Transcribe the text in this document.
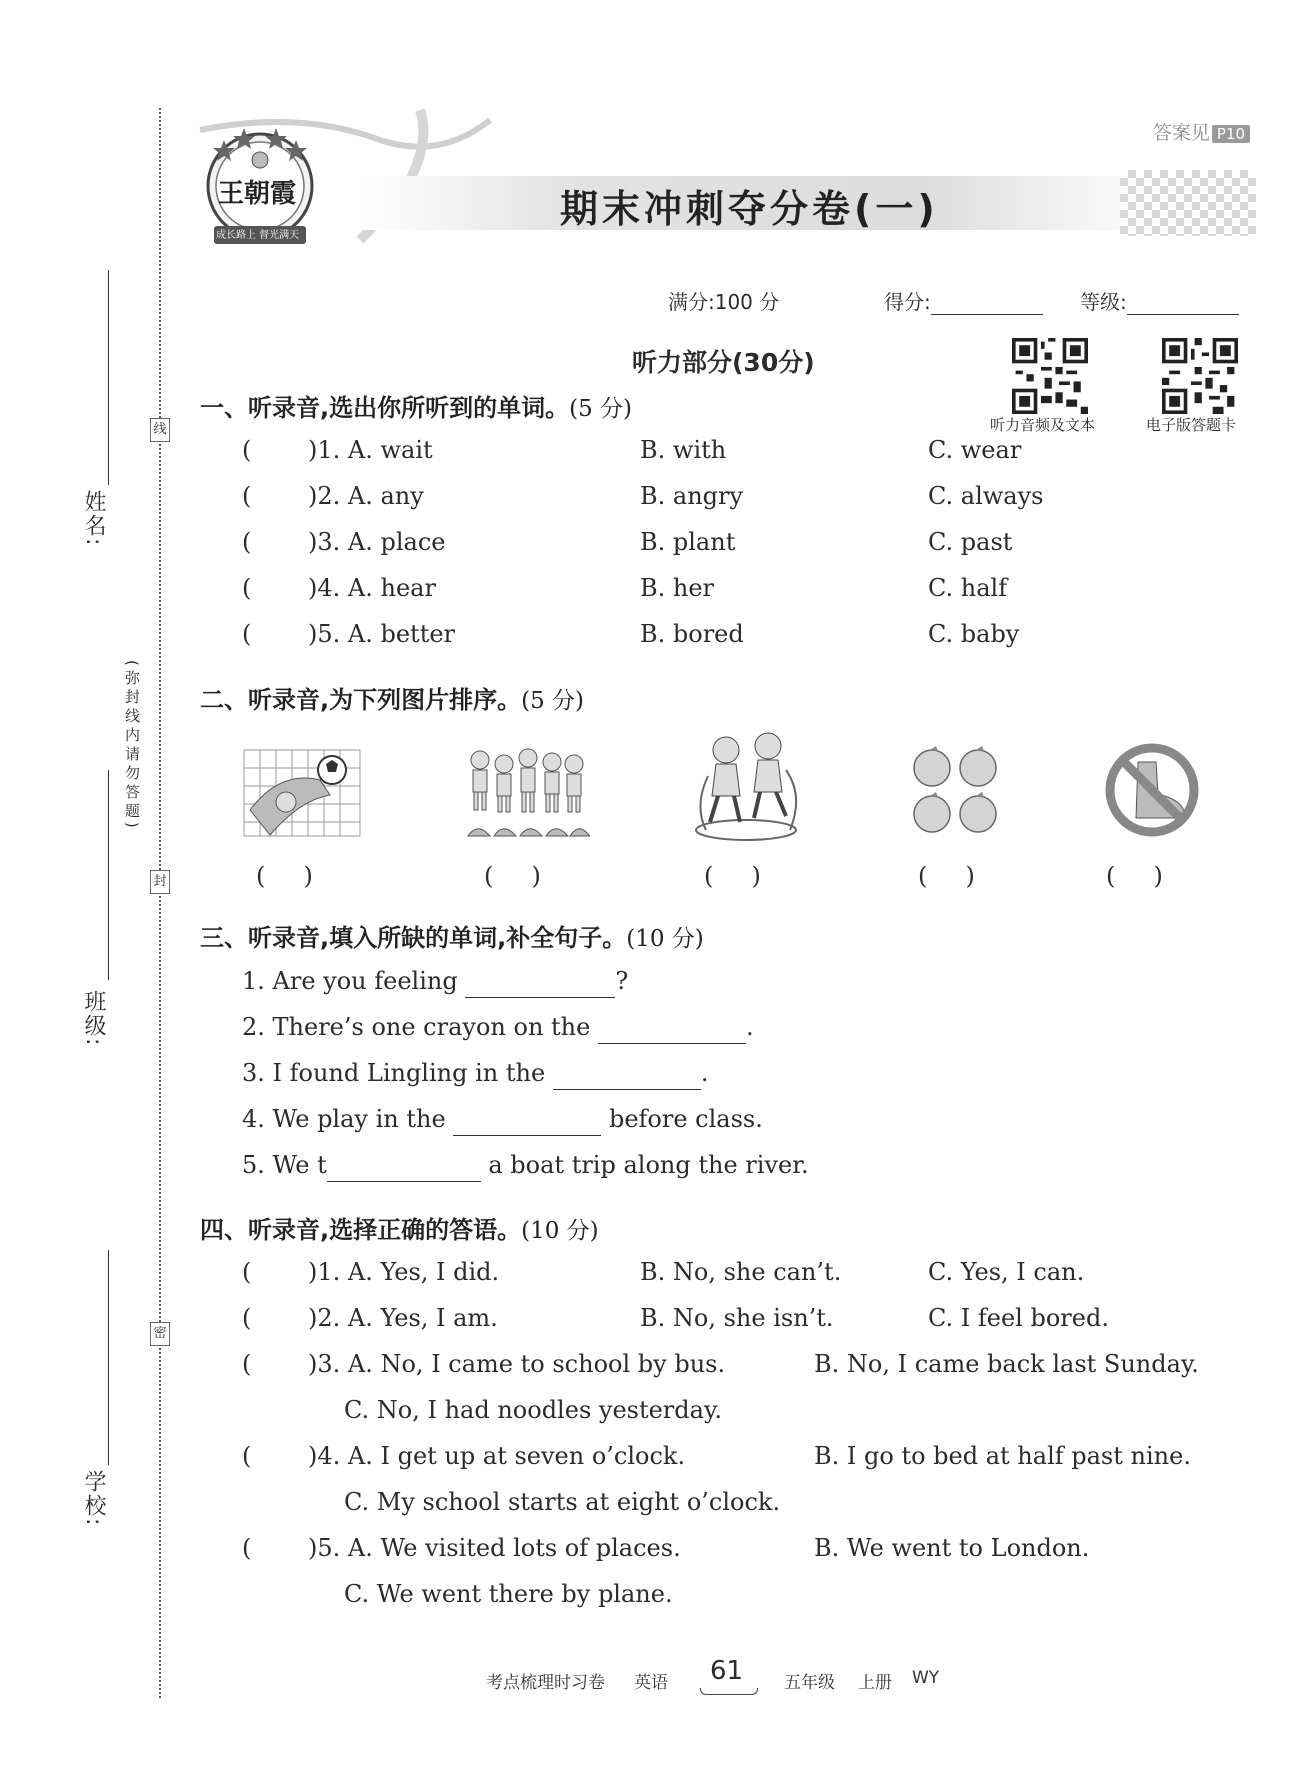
线
封
密
姓名:
班级:
学校:
(弥封线内请勿答题)
答案见 P10
期末冲刺夺分卷(一)
王朝霞
成长路上 督光满天
满分:100 分	得分:	等级:
听力音频及文本	电子版答题卡
听力部分(30分)
一、听录音,选出你所听到的单词。(5 分)
( )1. A. wait	B. with	C. wear
( )2. A. any	B. angry	C. always
( )3. A. place	B. plant	C. past
( )4. A. hear	B. her	C. half
( )5. A. better	B. bored	C. baby
二、听录音,为下列图片排序。(5 分)
(     )	(     )	(     )	(     )	(     )
三、听录音,填入所缺的单词,补全句子。(10 分)
1. Are you feeling	?
2. There’s one crayon on the	.
3. I found Lingling in the	.
4. We play in the	before class.
5. We t	a boat trip along the river.
四、听录音,选择正确的答语。(10 分)
( )1. A. Yes, I did.	B. No, she can’t.	C. Yes, I can.
( )2. A. Yes, I am.	B. No, she isn’t.	C. I feel bored.
( )3. A. No, I came to school by bus.	B. No, I came back last Sunday.
C. No, I had noodles yesterday.
( )4. A. I get up at seven o’clock.	B. I go to bed at half past nine.
C. My school starts at eight o’clock.
( )5. A. We visited lots of places.	B. We went to London.
C. We went there by plane.
考点梳理时习卷 英语 61 五年级 上册 WY
